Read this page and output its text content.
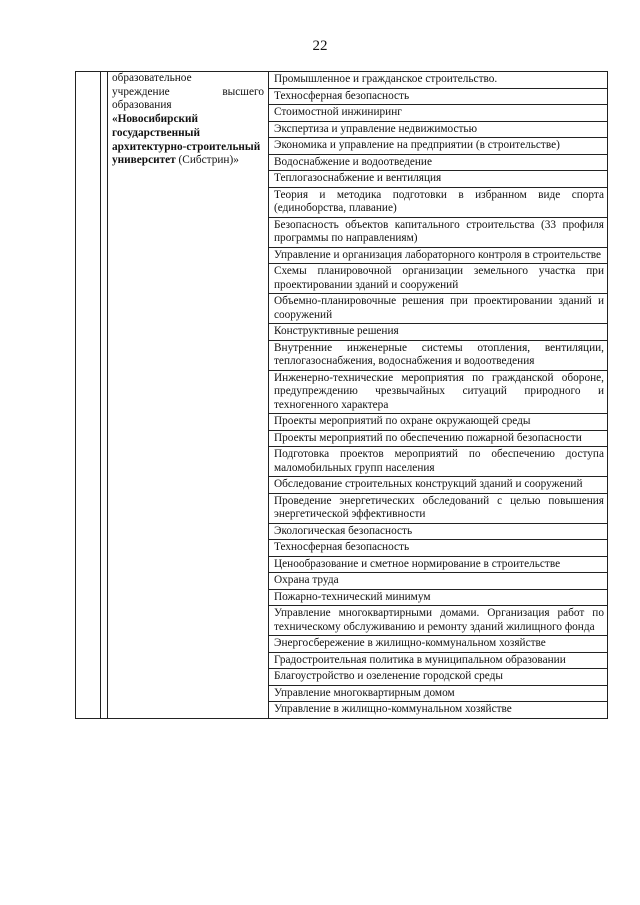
22

образовательное
учреждение высшего
образования
«Новосибирский государственный архитектурно-строительный университет (Сибстрин)»
	Промышленное и гражданское строительство.
Техносферная безопасность
Стоимостной инжиниринг
Экспертиза и управление недвижимостью
Экономика и управление на предприятии (в строительстве)
Водоснабжение и водоотведение
Теплогазоснабжение и вентиляция
Теория и методика подготовки в избранном виде спорта (единоборства, плавание)
Безопасность объектов капитального строительства (33 профиля программы по направлениям)
Управление и организация лабораторного контроля в строительстве
Схемы планировочной организации земельного участка при проектировании зданий и сооружений
Объемно-планировочные решения при проектировании зданий и сооружений
Конструктивные решения
Внутренние инженерные системы отопления, вентиляции, теплогазоснабжения, водоснабжения и водоотведения
Инженерно-технические мероприятия по гражданской обороне, предупреждению чрезвычайных ситуаций природного и техногенного характера
Проекты мероприятий по охране окружающей среды
Проекты мероприятий по обеспечению пожарной безопасности
Подготовка проектов мероприятий по обеспечению доступа маломобильных групп населения
Обследование строительных конструкций зданий и сооружений
Проведение энергетических обследований с целью повышения энергетической эффективности
Экологическая безопасность
Техносферная безопасность
Ценообразование и сметное нормирование в строительстве
Охрана труда
Пожарно-технический минимум
Управление многоквартирными домами. Организация работ по техническому обслуживанию и ремонту зданий жилищного фонда
Энергосбережение в жилищно-коммунальном хозяйстве
Градостроительная политика в муниципальном образовании
Благоустройство и озеленение городской среды
Управление многоквартирным домом
Управление в жилищно-коммунальном хозяйстве
